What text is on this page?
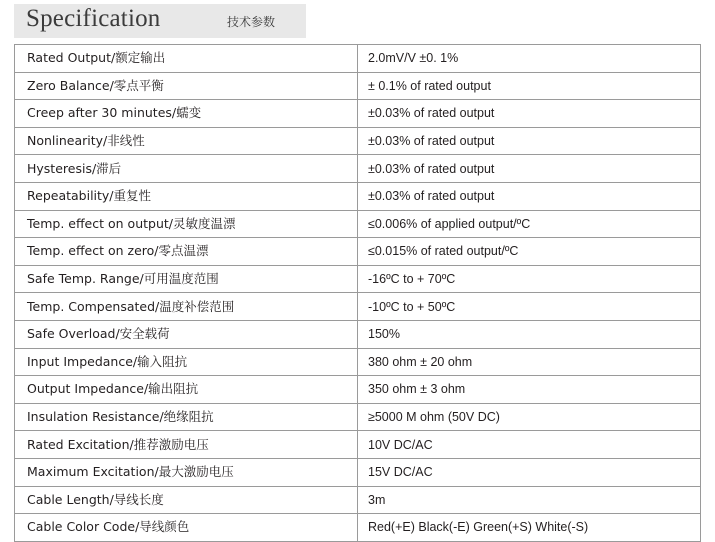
Specification	技术参数
Rated Output/额定输出	2.0mV/V ±0. 1%
Zero Balance/零点平衡	± 0.1% of rated output
Creep after 30 minutes/蠕变	±0.03% of rated output
Nonlinearity/非线性	±0.03% of rated output
Hysteresis/滞后	±0.03% of rated output
Repeatability/重复性	±0.03% of rated output
Temp. effect on output/灵敏度温漂	≤0.006% of applied output/ºC
Temp. effect on zero/零点温漂	≤0.015% of rated output/ºC
Safe Temp. Range/可用温度范围	-16ºC to + 70ºC
Temp. Compensated/温度补偿范围	-10ºC to + 50ºC
Safe Overload/安全载荷	150%
Input Impedance/输入阻抗	380 ohm ± 20 ohm
Output Impedance/输出阻抗	350 ohm ± 3 ohm
Insulation Resistance/绝缘阻抗	≥5000 M ohm (50V DC)
Rated Excitation/推荐激励电压	10V DC/AC
Maximum Excitation/最大激励电压	15V DC/AC
Cable Length/导线长度	3m
Cable Color Code/导线颜色	Red(+E) Black(-E) Green(+S) White(-S)
